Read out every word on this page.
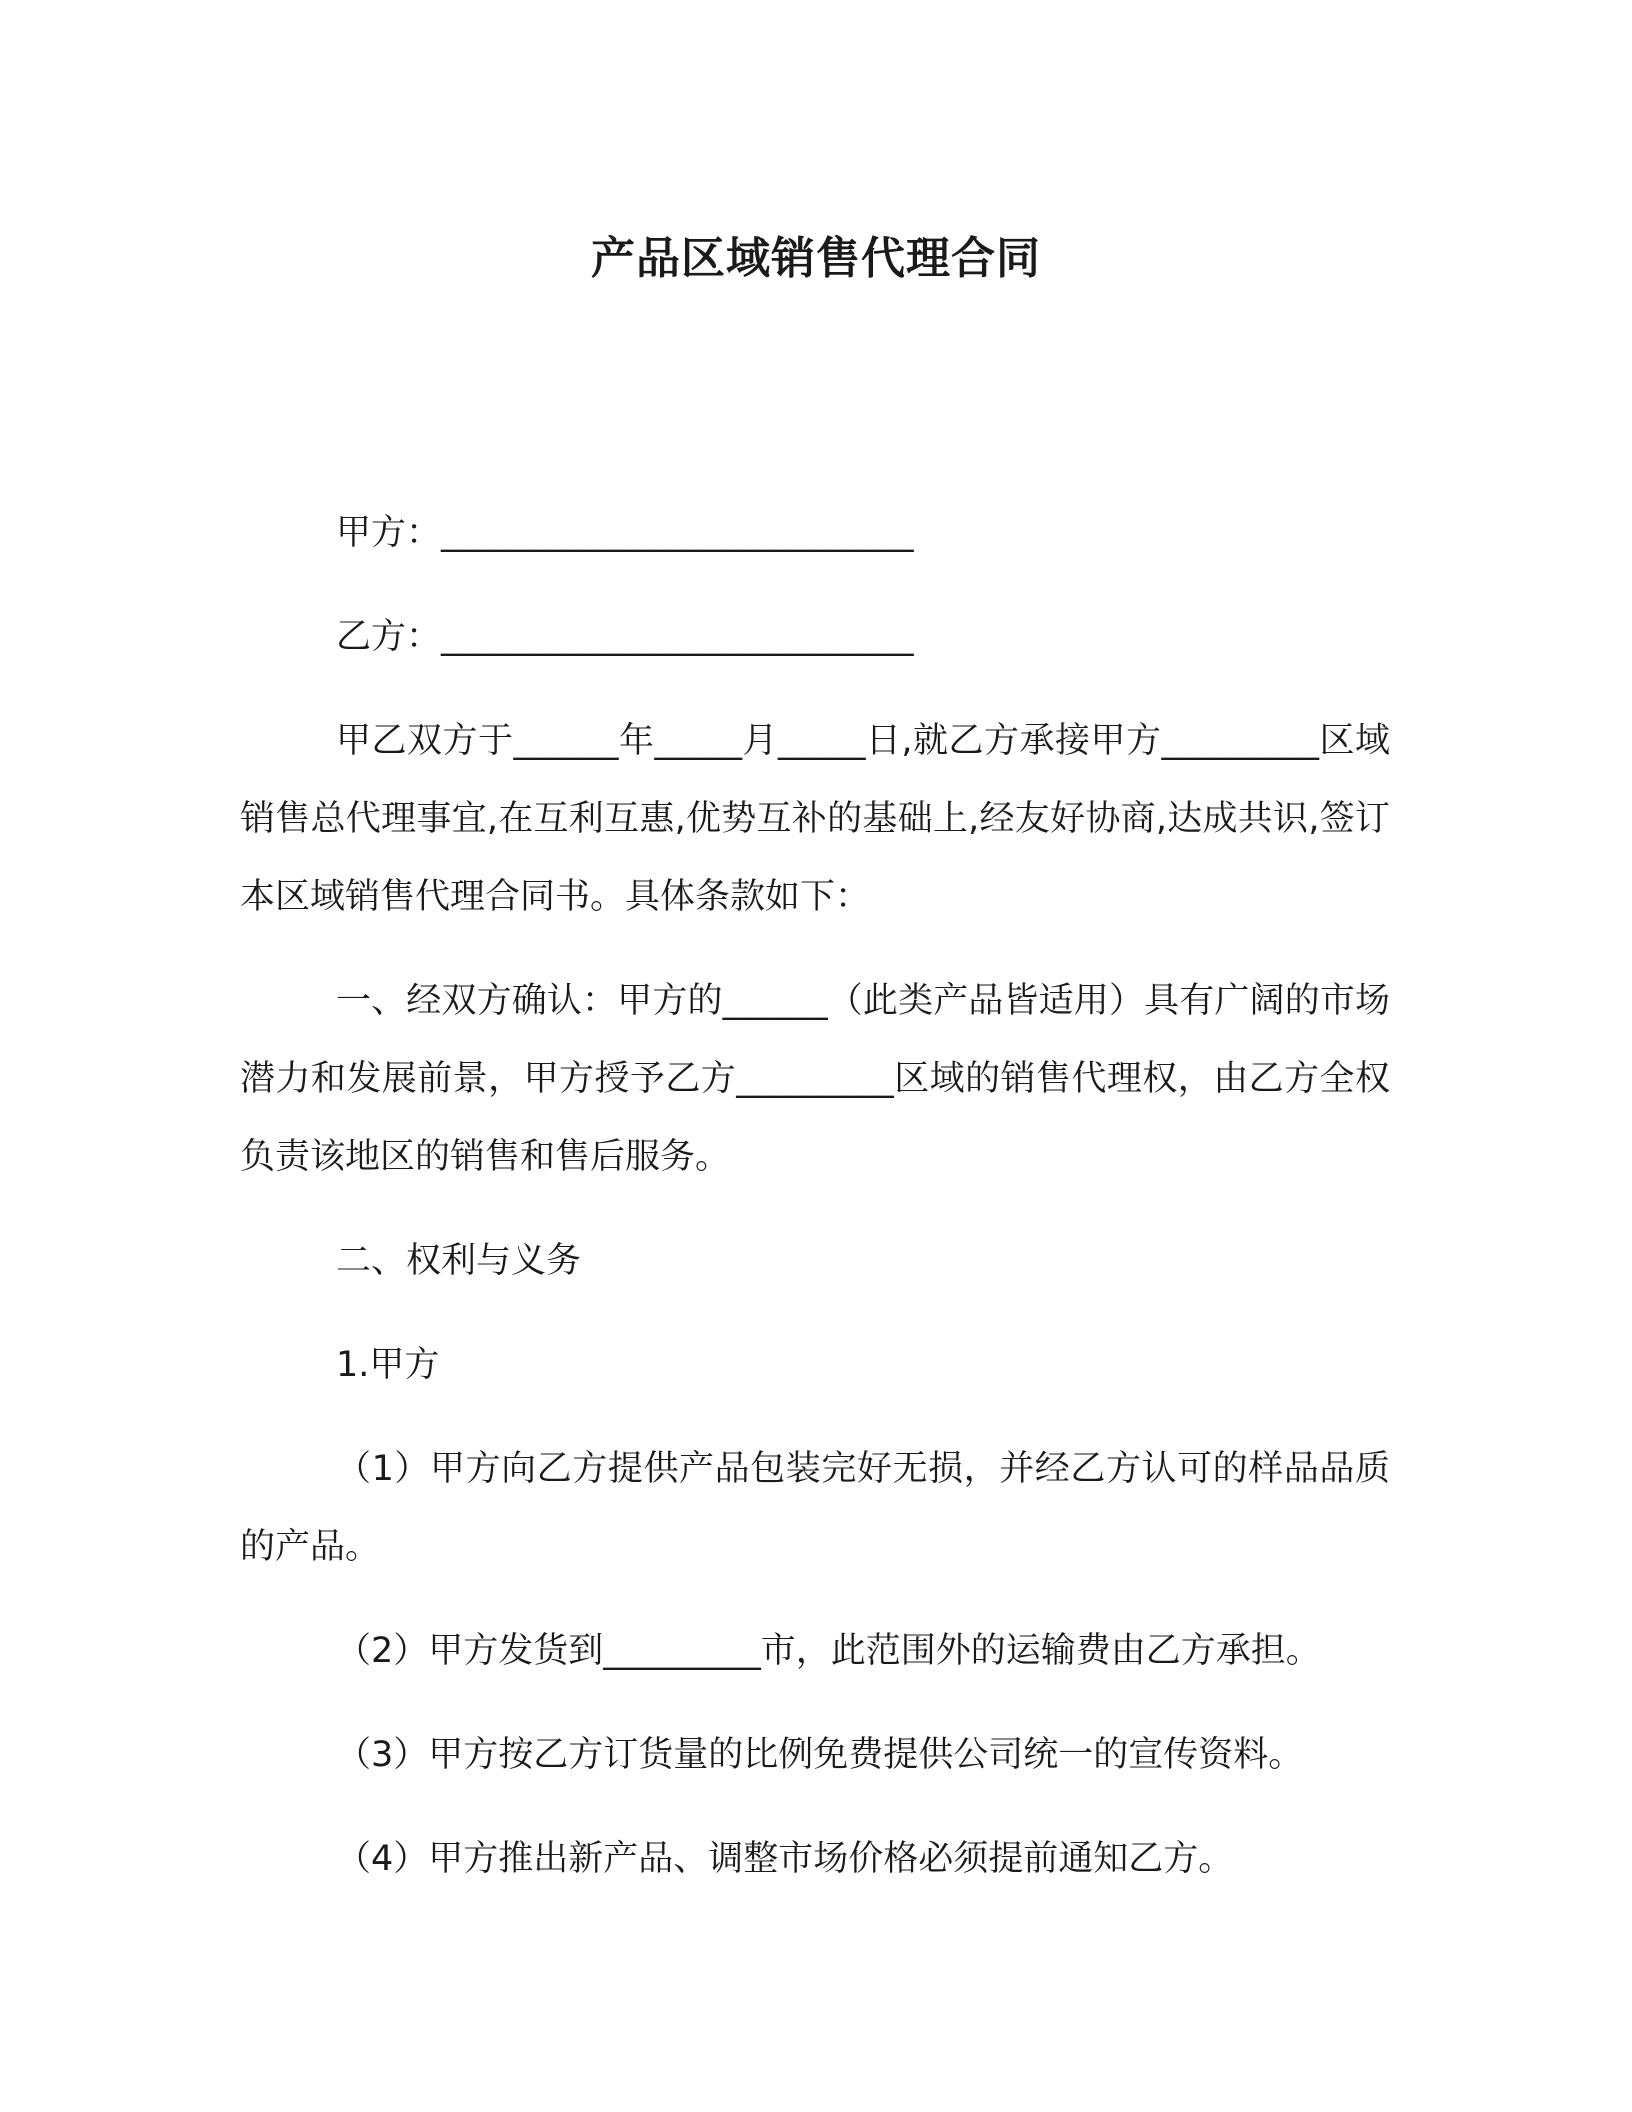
产品区域销售代理合同

甲方：___________________________

乙方：___________________________

甲乙双方于______年_____月_____日,就乙方承接甲方_________区域销售总代理事宜,在互利互惠,优势互补的基础上,经友好协商,达成共识,签订本区域销售代理合同书。具体条款如下：

一、经双方确认：甲方的______（此类产品皆适用）具有广阔的市场潜力和发展前景，甲方授予乙方_________区域的销售代理权，由乙方全权负责该地区的销售和售后服务。

二、权利与义务

1.甲方

（1）甲方向乙方提供产品包装完好无损，并经乙方认可的样品品质的产品。

（2）甲方发货到_________市，此范围外的运输费由乙方承担。

（3）甲方按乙方订货量的比例免费提供公司统一的宣传资料。

（4）甲方推出新产品、调整市场价格必须提前通知乙方。
